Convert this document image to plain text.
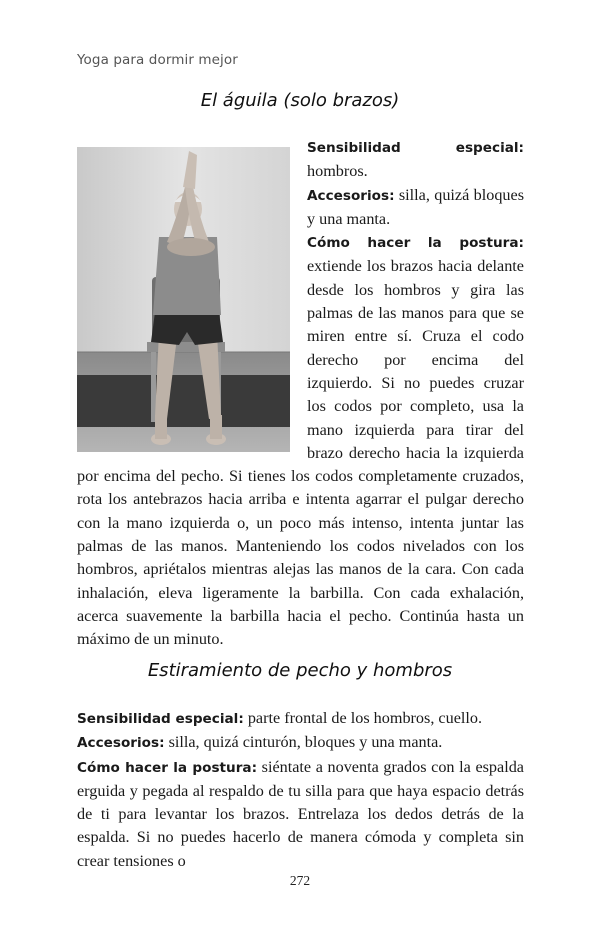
Yoga para dormir mejor
El águila (solo brazos)

Sensibilidad especial: hombros.
Accesorios: silla, quizá bloques y una manta.
Cómo hacer la postura: extiende los brazos hacia delante desde los hombros y gira las palmas de las manos para que se miren entre sí. Cruza el codo derecho por encima del izquierdo. Si no puedes cruzar los codos por completo, usa la mano izquierda para tirar del brazo derecho hacia la izquierda por encima del pecho. Si tienes los codos completamente cruzados, rota los antebrazos hacia arriba e intenta agarrar el pulgar derecho con la mano izquierda o, un poco más intenso, intenta juntar las palmas de las manos. Manteniendo los codos nivelados con los hombros, apriétalos mientras alejas las manos de la cara. Con cada inhalación, eleva ligeramente la barbilla. Con cada exhalación, acerca suavemente la barbilla hacia el pecho. Continúa hasta un máximo de un minuto.

Estiramiento de pecho y hombros

Sensibilidad especial: parte frontal de los hombros, cuello.
Accesorios: silla, quizá cinturón, bloques y una manta.
Cómo hacer la postura: siéntate a noventa grados con la espalda erguida y pegada al respaldo de tu silla para que haya espacio detrás de ti para levantar los brazos. Entrelaza los dedos detrás de la espalda. Si no puedes hacerlo de manera cómoda y completa sin crear tensiones o

272
